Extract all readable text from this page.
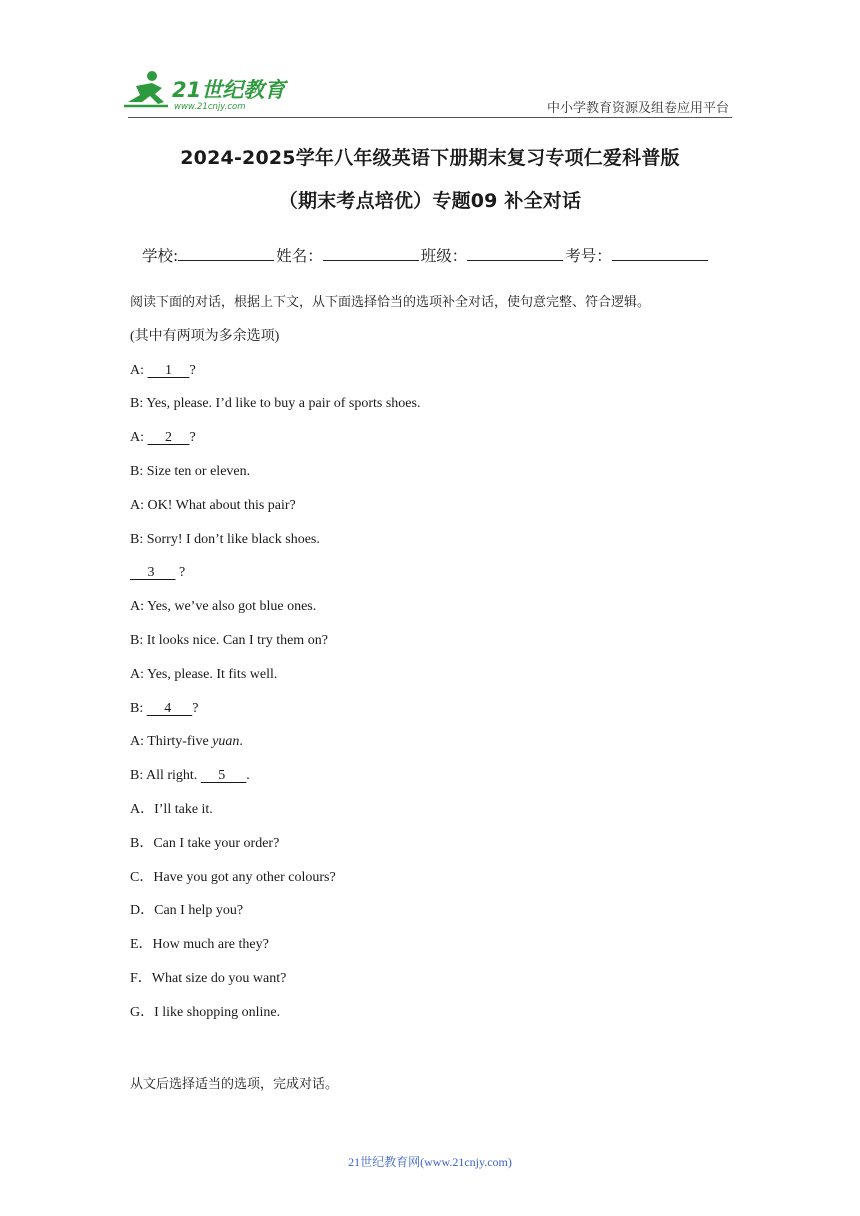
21世纪教育
www.21cnjy.com	中小学教育资源及组卷应用平台
2024-2025学年八年级英语下册期末复习专项仁爱科普版
（期末考点培优）专题09 补全对话
学校:	姓名：	班级：	考号：
阅读下面的对话，根据上下文，从下面选择恰当的选项补全对话，使句意完整、符合逻辑。
(其中有两项为多余选项)
A:      1     ?
B: Yes, please. I’d like to buy a pair of sports shoes.
A:      2     ?
B: Size ten or eleven.
A: OK! What about this pair?
B: Sorry! I don’t like black shoes.
3       ?
A: Yes, we’ve also got blue ones.
B: It looks nice. Can I try them on?
A: Yes, please. It fits well.
B:      4      ?
A: Thirty-five yuan.
B: All right.      5      .
A．I’ll take it.
B．Can I take your order?
C．Have you got any other colours?
D．Can I help you?
E．How much are they?
F．What size do you want?
G．I like shopping online.
从文后选择适当的选项，完成对话。
21世纪教育网(www.21cnjy.com)
